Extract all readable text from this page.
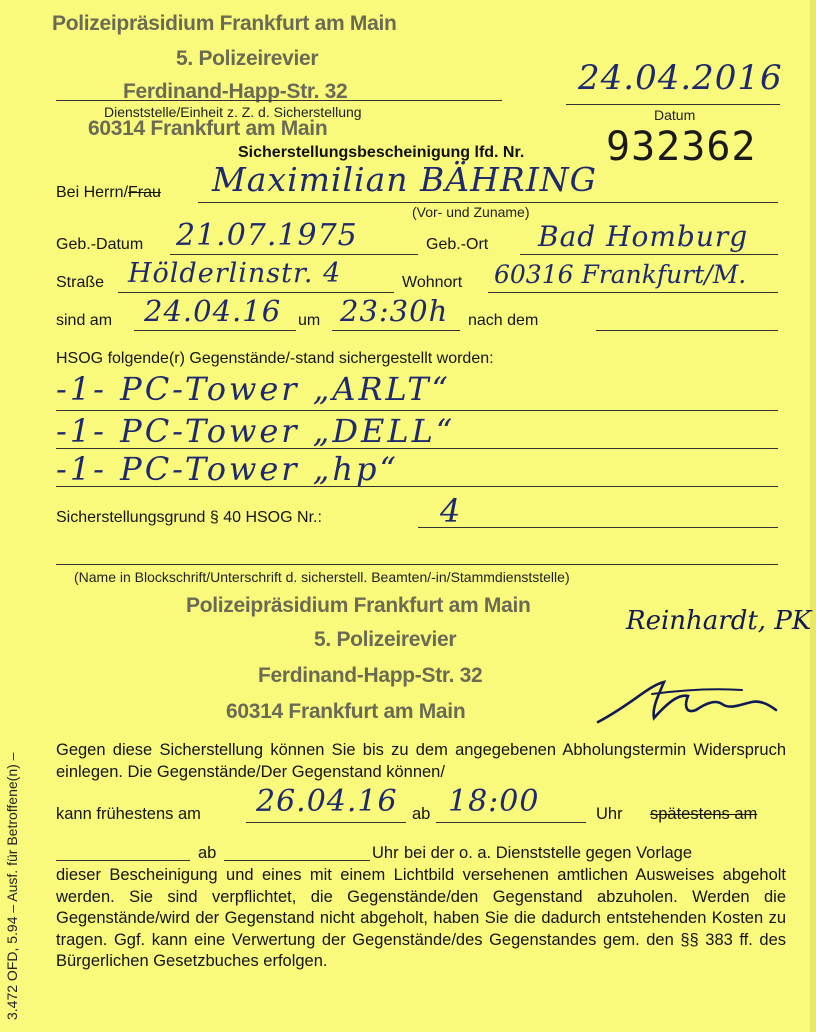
Polizeipräsidium Frankfurt am Main
5. Polizeirevier
Ferdinand-Happ-Str. 32
60314 Frankfurt am Main
Dienststelle/Einheit z. Z. d. Sicherstellung
24.04.2016
Datum
Sicherstellungsbescheinigung lfd. Nr. 932362
Bei Herrn/Frau Maximilian BÄHRING
(Vor- und Zuname)
Geb.-Datum 21.07.1975	Geb.-Ort Bad Homburg
Straße Hölderlinstr. 4	Wohnort 60316 Frankfurt/M.
sind am 24.04.16 um 23:30h nach dem
HSOG folgende(r) Gegenstände/-stand sichergestellt worden:
-1- PC-Tower „ARLT“
-1- PC-Tower „DELL“
-1- PC-Tower „hp“
Sicherstellungsgrund § 40 HSOG Nr.:	4
(Name in Blockschrift/Unterschrift d. sicherstell. Beamten/-in/Stammdienststelle)
Polizeipräsidium Frankfurt am Main
5. Polizeirevier
Ferdinand-Happ-Str. 32
60314 Frankfurt am Main
Reinhardt, PK
Gegen diese Sicherstellung können Sie bis zu dem angegebenen Abholungstermin Widerspruch einlegen. Die Gegenstände/Der Gegenstand können/
kann frühestens am 26.04.16 ab 18:00	Uhr spätestens am
ab	Uhr bei der o. a. Dienststelle gegen Vorlage
dieser Bescheinigung und eines mit einem Lichtbild versehenen amtlichen Ausweises abgeholt werden. Sie sind verpflichtet, die Gegenstände/den Gegenstand abzuholen. Werden die Gegenstände/wird der Gegenstand nicht abgeholt, haben Sie die dadurch entstehenden Kosten zu tragen. Ggf. kann eine Verwertung der Gegenstände/des Gegenstandes gem. den §§ 383 ff. des Bürgerlichen Gesetzbuches erfolgen.
3.472 OFD, 5.94 – Ausf. für Betroffene(n) –
